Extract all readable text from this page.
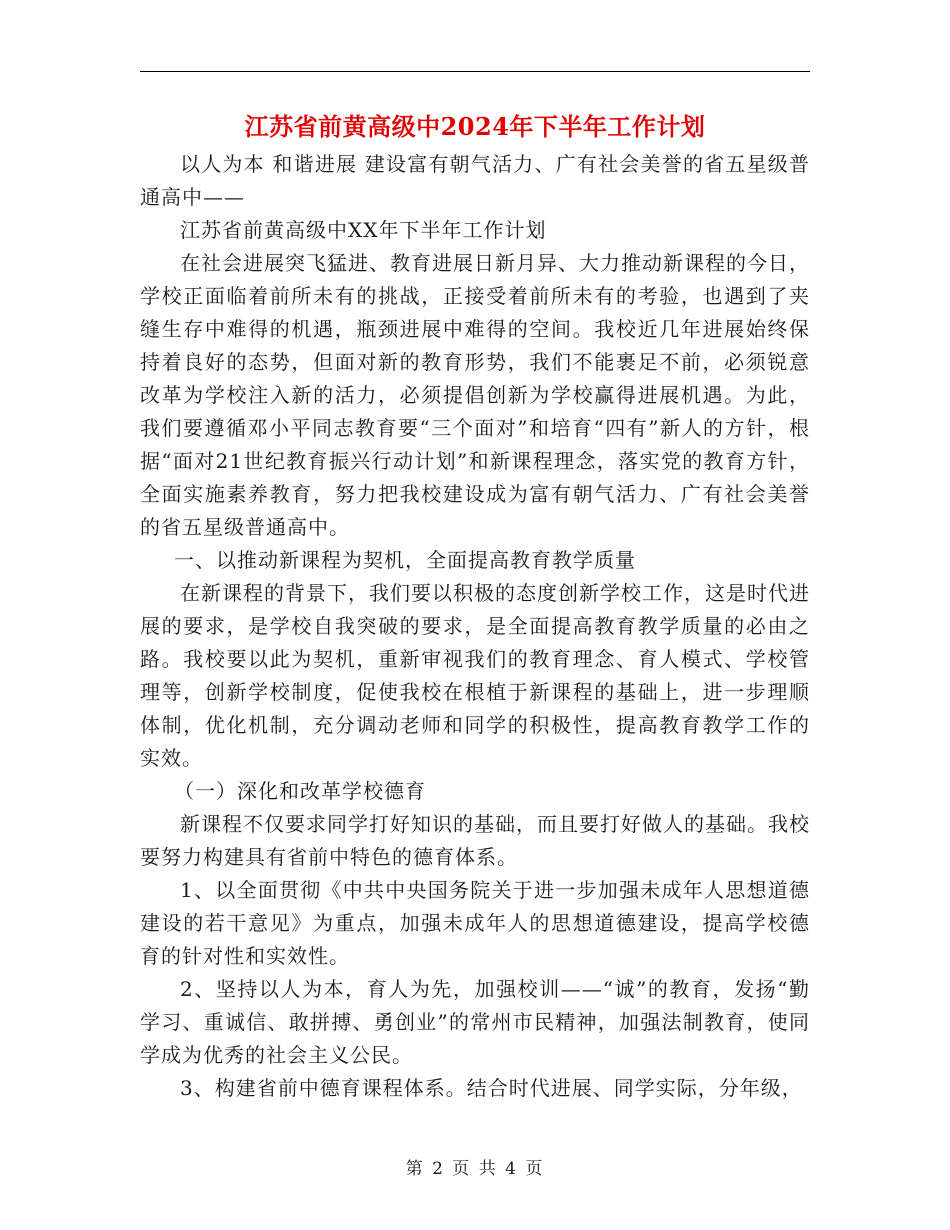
江苏省前黄高级中2024年下半年工作计划

以人为本 和谐进展 建设富有朝气活力、广有社会美誉的省五星级普通高中——

江苏省前黄高级中XX年下半年工作计划

在社会进展突飞猛进、教育进展日新月异、大力推动新课程的今日，学校正面临着前所未有的挑战，正接受着前所未有的考验，也遇到了夹缝生存中难得的机遇，瓶颈进展中难得的空间。我校近几年进展始终保持着良好的态势，但面对新的教育形势，我们不能裹足不前，必须锐意改革为学校注入新的活力，必须提倡创新为学校赢得进展机遇。为此，我们要遵循邓小平同志教育要“三个面对”和培育“四有”新人的方针，根据“面对21世纪教育振兴行动计划”和新课程理念，落实党的教育方针，全面实施素养教育，努力把我校建设成为富有朝气活力、广有社会美誉的省五星级普通高中。

一、以推动新课程为契机，全面提高教育教学质量

在新课程的背景下，我们要以积极的态度创新学校工作，这是时代进展的要求，是学校自我突破的要求，是全面提高教育教学质量的必由之路。我校要以此为契机，重新审视我们的教育理念、育人模式、学校管理等，创新学校制度，促使我校在根植于新课程的基础上，进一步理顺体制，优化机制，充分调动老师和同学的积极性，提高教育教学工作的实效。

（一）深化和改革学校德育

新课程不仅要求同学打好知识的基础，而且要打好做人的基础。我校要努力构建具有省前中特色的德育体系。

1、以全面贯彻《中共中央国务院关于进一步加强未成年人思想道德建设的若干意见》为重点，加强未成年人的思想道德建设，提高学校德育的针对性和实效性。

2、坚持以人为本，育人为先，加强校训——“诚”的教育，发扬“勤学习、重诚信、敢拼搏、勇创业”的常州市民精神，加强法制教育，使同学成为优秀的社会主义公民。

3、构建省前中德育课程体系。结合时代进展、同学实际，分年级，

第 2 页 共 4 页
